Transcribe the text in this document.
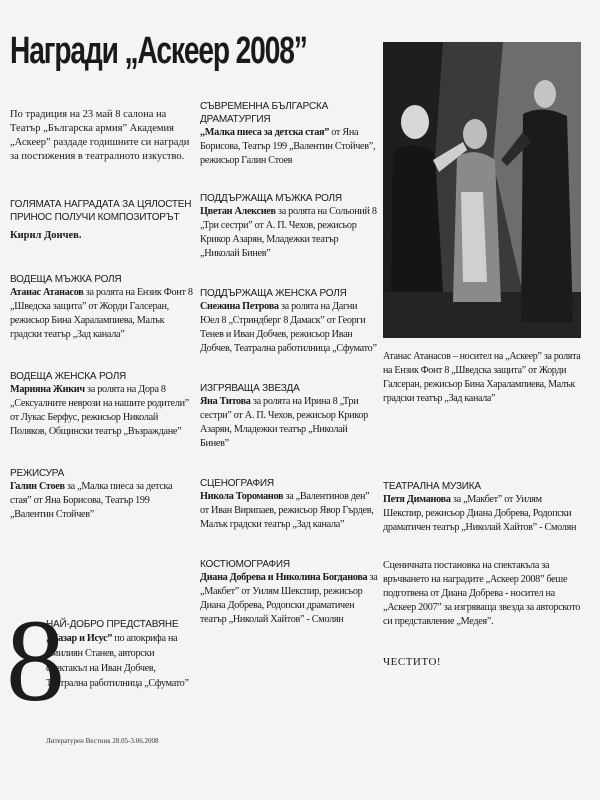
Награди „Аскеер 2008”

По традиция на 23 май 8 салона на Театър „Българска армия” Академия „Аскеер” раздаде годишните си награди за постижения в театралното изкуство.

ГОЛЯМАТА НАГРАДАТА ЗА ЦЯЛОСТЕН ПРИНОС ПОЛУЧИ КОМПОЗИТОРЪТ
Кирил Дончев.
ВОДЕЩА МЪЖКА РОЛЯ
Атанас Атанасов за ролята на Ензик Фонт 8 „Шведска защита” от Жорди Галсеран, режисьор Бина Харалампиева, Малък градски театър „Зад канала”
ВОДЕЩА ЖЕНСКА РОЛЯ
Марияна Жикич за ролята на Дора 8 „Сексуалните неврози на нашите родители” от Лукас Берфус, режисьор Николай Поляков, Общински театър „Възраждане”
РЕЖИСУРА
Галин Стоев за „Малка пиеса за детска стая” от Яна Борисова, Театър 199 „Валентин Стойчев”
8
НАЙ-ДОБРО ПРЕДСТАВЯНЕ
„Лазар и Исус” по апокрифа на Емилиян Станев, авторски спектакъл на Иван Добчев, Театрална работилница „Сфумато”
Литературен Вестник 28.05-3.06.2008
СЪВРЕМЕННА БЪЛГАРСКА ДРАМАТУРГИЯ
„Малка пиеса за детска стая” от Яна Борисова, Театър 199 „Валентин Стойчев”, режисьор Галин Стоев
ПОДДЪРЖАЩА МЪЖКА РОЛЯ
Цветан Алексиев за ролята на Сольоний 8 „Три сестри” от А. П. Чехов, режисьор Крикор Азарян, Младежки театър „Николай Бинев”
ПОДДЪРЖАЩА ЖЕНСКА РОЛЯ
Снежина Петрова за ролята на Дагни Юел 8 „Стриндберг 8 Дамаск” от Георги Тенев и Иван Добчев, режисьор Иван Добчев, Театрална работилница „Сфумато”
ИЗГРЯВАЩА ЗВЕЗДА
Яна Титова за ролята на Ирина 8 „Три сестри” от А. П. Чехов, режисьор Крикор Азарян, Младежки театър „Николай Бинев”
СЦЕНОГРАФИЯ
Никола Тороманов за „Валентинов ден” от Иван Вирипаев, режисьор Явор Гърдев, Малък градски театър „Зад канала”
КОСТЮМОГРАФИЯ
Диана Добрева и Николина Богданова за „Макбет” от Уилям Шекспир, режисьор Диана Добрева, Родопски драматичен театър „Николай Хайтов” - Смолян
Атанас Атанасов – носител на „Аскеер” за ролята на Ензик Фонт 8 „Шведска защита” от Жорди Галсеран, режисьор Бина Харалампиева, Малък градски театър „Зад канала”
ТЕАТРАЛНА МУЗИКА
Петя Диманова за „Макбет” от Уилям Шекспир, режисьор Диана Добрева, Родопски драматичен театър „Николай Хайтов” - Смолян

Сценичната постановка на спектакъла за връчването на наградите „Аскеер 2008” беше подготвена от Диана Добрева - носител на „Аскеер 2007” за изгряваща звезда за авторското си представление „Медея”.

ЧЕСТИТО!
